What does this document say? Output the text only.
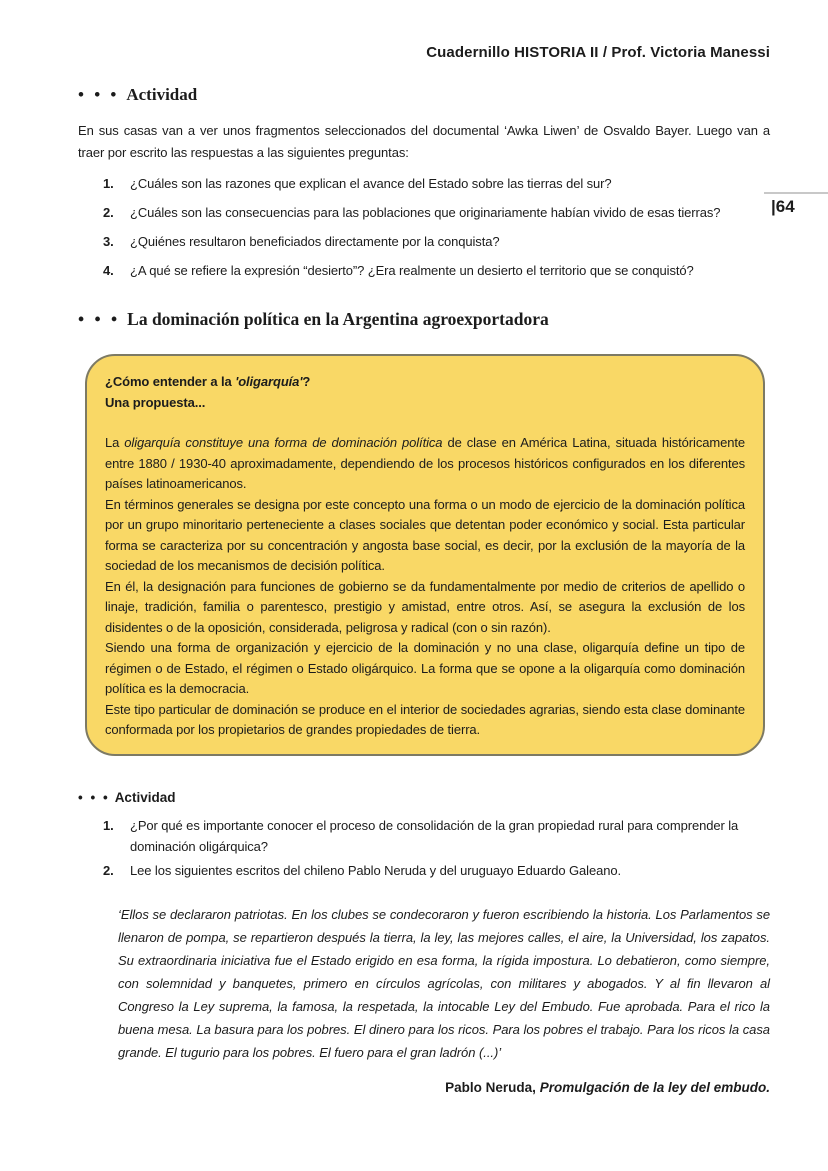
Cuadernillo HISTORIA II / Prof. Victoria Manessi
|64
• • • Actividad

En sus casas van a ver unos fragmentos seleccionados del documental ‘Awka Liwen’ de Osvaldo Bayer. Luego van a traer por escrito las respuestas a las siguientes preguntas:

1.	¿Cuáles son las razones que explican el avance del Estado sobre las tierras del sur?
2.	¿Cuáles son las consecuencias para las poblaciones que originariamente habían vivido de esas tierras?
3.	¿Quiénes resultaron beneficiados directamente por la conquista?
4.	¿A qué se refiere la expresión “desierto”? ¿Era realmente un desierto el territorio que se conquistó?
• • • La dominación política en la Argentina agroexportadora

¿Cómo entender a la 'oligarquía'?

Una propuesta...

La oligarquía constituye una forma de dominación política de clase en América Latina, situada históricamente entre 1880 / 1930-40 aproximadamente, dependiendo de los procesos históricos configurados en los diferentes países latinoamericanos.

En términos generales se designa por este concepto una forma o un modo de ejercicio de la dominación política por un grupo minoritario perteneciente a clases sociales que detentan poder económico y social. Esta particular forma se caracteriza por su concentración y angosta base social, es decir, por la exclusión de la mayoría de la sociedad de los mecanismos de decisión política.

En él, la designación para funciones de gobierno se da fundamentalmente por medio de criterios de apellido o linaje, tradición, familia o parentesco, prestigio y amistad, entre otros. Así, se asegura la exclusión de los disidentes o de la oposición, considerada, peligrosa y radical (con o sin razón).

Siendo una forma de organización y ejercicio de la dominación y no una clase, oligarquía define un tipo de régimen o de Estado, el régimen o Estado oligárquico. La forma que se opone a la oligarquía como dominación política es la democracia.

Este tipo particular de dominación se produce en el interior de sociedades agrarias, siendo esta clase dominante conformada por los propietarios de grandes propiedades de tierra.

• • • Actividad
1.	¿Por qué es importante conocer el proceso de consolidación de la gran propiedad rural para comprender la dominación oligárquica?
2.	Lee los siguientes escritos del chileno Pablo Neruda y del uruguayo Eduardo Galeano.

‘Ellos se declararon patriotas. En los clubes se condecoraron y fueron escribiendo la historia. Los Parlamentos se llenaron de pompa, se repartieron después la tierra, la ley, las mejores calles, el aire, la Universidad, los zapatos. Su extraordinaria iniciativa fue el Estado erigido en esa forma, la rígida impostura. Lo debatieron, como siempre, con solemnidad y banquetes, primero en círculos agrícolas, con militares y abogados. Y al fin llevaron al Congreso la Ley suprema, la famosa, la respetada, la intocable Ley del Embudo. Fue aprobada. Para el rico la buena mesa. La basura para los pobres. El dinero para los ricos. Para los pobres el trabajo. Para los ricos la casa grande. El tugurio para los pobres. El fuero para el gran ladrón (...)’

Pablo Neruda, Promulgación de la ley del embudo.
